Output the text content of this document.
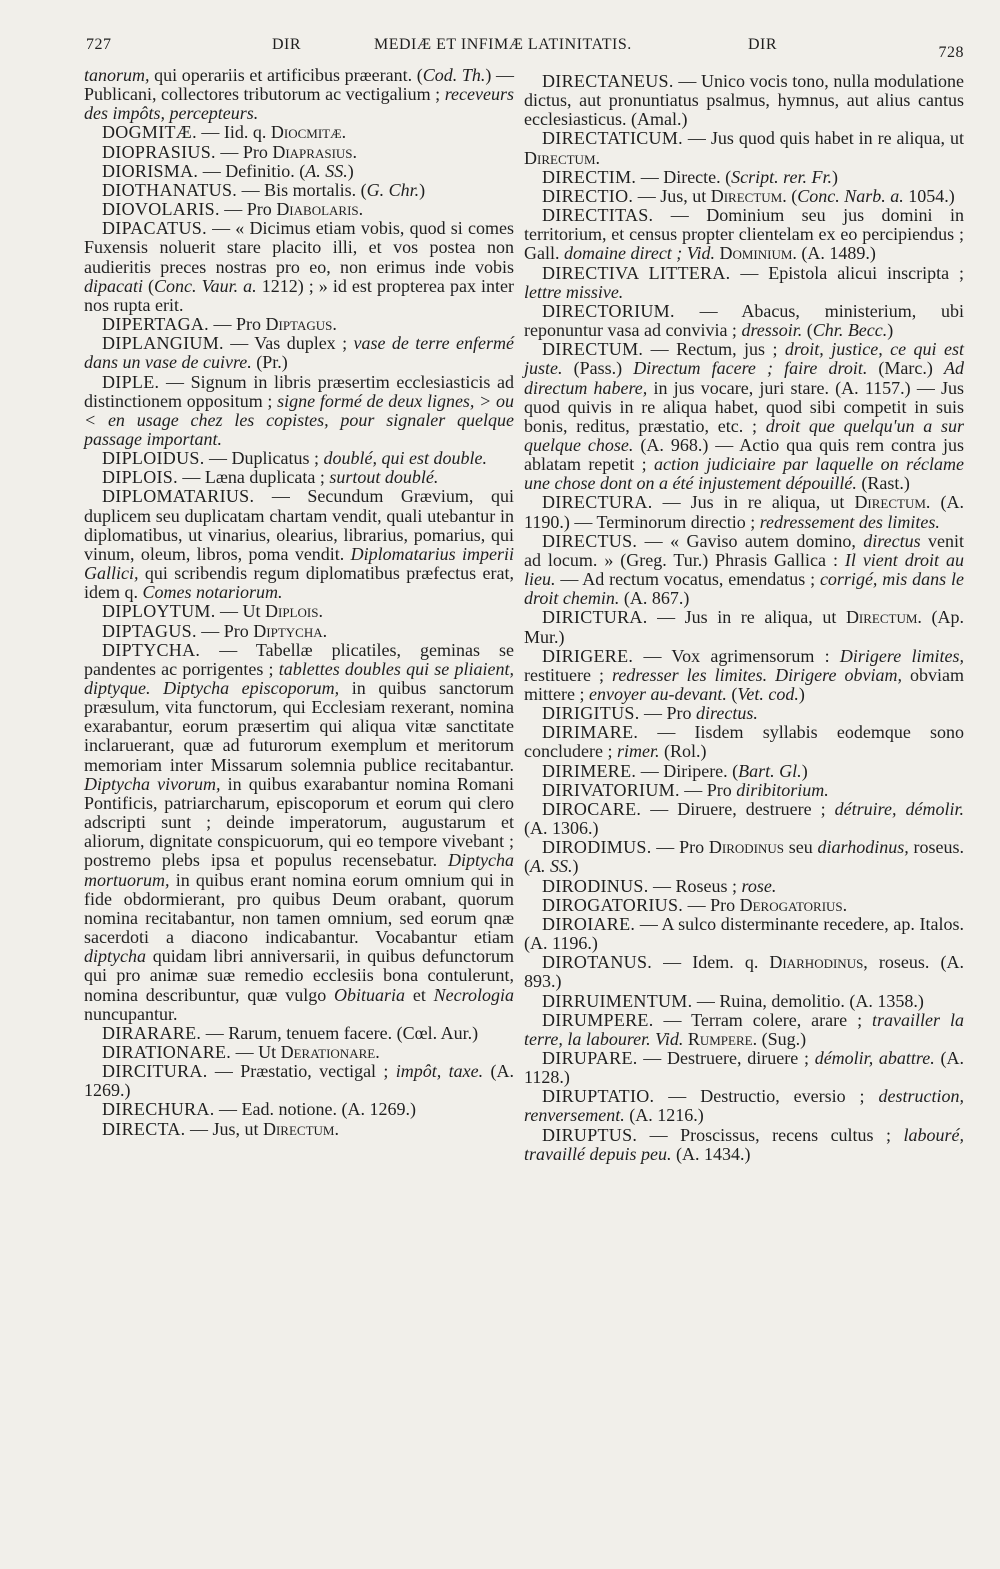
727	DIR	MEDIÆ ET INFIMÆ LATINITATIS.	DIR	728

tanorum, qui operariis et artificibus præerant. (Cod. Th.) — Publicani, collectores tributorum ac vectigalium ; receveurs des impôts, percepteurs.

DOGMITÆ. — Iid. q. Diocmitæ.

DIOPRASIUS. — Pro Diaprasius.

DIORISMA. — Definitio. (A. SS.)

DIOTHANATUS. — Bis mortalis. (G. Chr.)

DIOVOLARIS. — Pro Diabolaris.

DIPACATUS. — « Dicimus etiam vobis, quod si comes Fuxensis noluerit stare placito illi, et vos postea non audieritis preces nostras pro eo, non erimus inde vobis dipacati (Conc. Vaur. a. 1212) ; » id est propterea pax inter nos rupta erit.

DIPERTAGA. — Pro Diptagus.

DIPLANGIUM. — Vas duplex ; vase de terre enfermé dans un vase de cuivre. (Pr.)

DIPLE. — Signum in libris præsertim ecclesiasticis ad distinctionem oppositum ; signe formé de deux lignes, > ou < en usage chez les copistes, pour signaler quelque passage important.

DIPLOIDUS. — Duplicatus ; doublé, qui est double.

DIPLOIS. — Læna duplicata ; surtout doublé.

DIPLOMATARIUS. — Secundum Grævium, qui duplicem seu duplicatam chartam vendit, quali utebantur in diplomatibus, ut vinarius, olearius, librarius, pomarius, qui vinum, oleum, libros, poma vendit. Diplomatarius imperii Gallici, qui scribendis regum diplomatibus præfectus erat, idem q. Comes notariorum.

DIPLOYTUM. — Ut Diplois.

DIPTAGUS. — Pro Diptycha.

DIPTYCHA. — Tabellæ plicatiles, geminas se pandentes ac porrigentes ; tablettes doubles qui se pliaient, diptyque. Diptycha episcoporum, in quibus sanctorum præsulum, vita functorum, qui Ecclesiam rexerant, nomina exarabantur, eorum præsertim qui aliqua vitæ sanctitate inclaruerant, quæ ad futurorum exemplum et meritorum memoriam inter Missarum solemnia publice recitabantur. Diptycha vivorum, in quibus exarabantur nomina Romani Pontificis, patriarcharum, episcoporum et eorum qui clero adscripti sunt ; deinde imperatorum, augustarum et aliorum, dignitate conspicuorum, qui eo tempore vivebant ; postremo plebs ipsa et populus recensebatur. Diptycha mortuorum, in quibus erant nomina eorum omnium qui in fide obdormierant, pro quibus Deum orabant, quorum nomina recitabantur, non tamen omnium, sed eorum qnæ sacerdoti a diacono indicabantur. Vocabantur etiam diptycha quidam libri anniversarii, in quibus defunctorum qui pro animæ suæ remedio ecclesiis bona contulerunt, nomina describuntur, quæ vulgo Obituaria et Necrologia nuncupantur.

DIRARARE. — Rarum, tenuem facere. (Cœl. Aur.)

DIRATIONARE. — Ut Derationare.

DIRCITURA. — Præstatio, vectigal ; impôt, taxe. (A. 1269.)

DIRECHURA. — Ead. notione. (A. 1269.)

DIRECTA. — Jus, ut Directum.

DIRECTANEUS. — Unico vocis tono, nulla modulatione dictus, aut pronuntiatus psalmus, hymnus, aut alius cantus ecclesiasticus. (Amal.)

DIRECTATICUM. — Jus quod quis habet in re aliqua, ut Directum.

DIRECTIM. — Directe. (Script. rer. Fr.)

DIRECTIO. — Jus, ut Directum. (Conc. Narb. a. 1054.)

DIRECTITAS. — Dominium seu jus domini in territorium, et census propter clientelam ex eo percipiendus ; Gall. domaine direct ; Vid. Dominium. (A. 1489.)

DIRECTIVA LITTERA. — Epistola alicui inscripta ; lettre missive.

DIRECTORIUM. — Abacus, ministerium, ubi reponuntur vasa ad convivia ; dressoir. (Chr. Becc.)

DIRECTUM. — Rectum, jus ; droit, justice, ce qui est juste. (Pass.) Directum facere ; faire droit. (Marc.) Ad directum habere, in jus vocare, juri stare. (A. 1157.) — Jus quod quivis in re aliqua habet, quod sibi competit in suis bonis, reditus, præstatio, etc. ; droit que quelqu'un a sur quelque chose. (A. 968.) — Actio qua quis rem contra jus ablatam repetit ; action judiciaire par laquelle on réclame une chose dont on a été injustement dépouillé. (Rast.)

DIRECTURA. — Jus in re aliqua, ut Directum. (A. 1190.) — Terminorum directio ; redressement des limites.

DIRECTUS. — « Gaviso autem domino, directus venit ad locum. » (Greg. Tur.) Phrasis Gallica : Il vient droit au lieu. — Ad rectum vocatus, emendatus ; corrigé, mis dans le droit chemin. (A. 867.)

DIRICTURA. — Jus in re aliqua, ut Directum. (Ap. Mur.)

DIRIGERE. — Vox agrimensorum : Dirigere limites, restituere ; redresser les limites. Dirigere obviam, obviam mittere ; envoyer au-devant. (Vet. cod.)

DIRIGITUS. — Pro directus.

DIRIMARE. — Iisdem syllabis eodemque sono concludere ; rimer. (Rol.)

DIRIMERE. — Diripere. (Bart. Gl.)

DIRIVATORIUM. — Pro diribitorium.

DIROCARE. — Diruere, destruere ; détruire, démolir. (A. 1306.)

DIRODIMUS. — Pro Dirodinus seu diarhodinus, roseus. (A. SS.)

DIRODINUS. — Roseus ; rose.

DIROGATORIUS. — Pro Derogatorius.

DIROIARE. — A sulco disterminante recedere, ap. Italos. (A. 1196.)

DIROTANUS. — Idem. q. Diarhodinus, roseus. (A. 893.)

DIRRUIMENTUM. — Ruina, demolitio. (A. 1358.)

DIRUMPERE. — Terram colere, arare ; travailler la terre, la labourer. Vid. Rumpere. (Sug.)

DIRUPARE. — Destruere, diruere ; démolir, abattre. (A. 1128.)

DIRUPTATIO. — Destructio, eversio ; destruction, renversement. (A. 1216.)

DIRUPTUS. — Proscissus, recens cultus ; labouré, travaillé depuis peu. (A. 1434.)
